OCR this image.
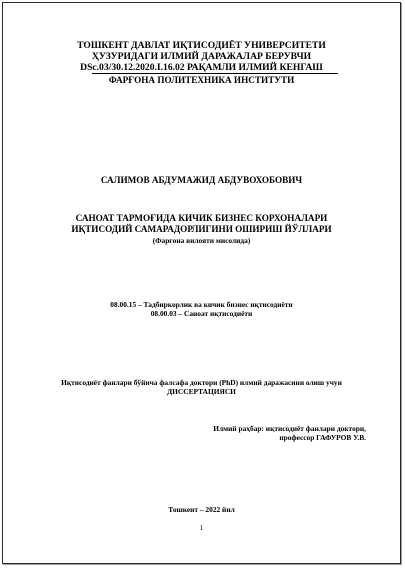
ТОШКЕНТ ДАВЛАТ ИҚТИСОДИЁТ УНИВЕРСИТЕТИ
ҲУЗУРИДАГИ ИЛМИЙ ДАРАЖАЛАР БЕРУВЧИ
DSc.03/30.12.2020.I.16.02 РАҚАМЛИ ИЛМИЙ КЕНГАШ
ФАРҒОНА ПОЛИТЕХНИКА ИНСТИТУТИ
САЛИМОВ АБДУМАЖИД АБДУВОХОБОВИЧ
САНОАТ ТАРМОҒИДА КИЧИК БИЗНЕС КОРХОНАЛАРИ
ИҚТИСОДИЙ САМАРАДОРЛИГИНИ ОШИРИШ ЙЎЛЛАРИ
(Фарғона вилояти мисолида)
08.00.15 – Тадбиркорлик ва кичик бизнес иқтисодиёти
08.00.03 – Саноат иқтисодиёти
Иқтисодиёт фанлари бўйича фалсафа доктори (PhD) илмий даражасини олиш учун
ДИССЕРТАЦИЯСИ
Илмий раҳбар: иқтисодиёт фанлари доктори,
профессор ГАФУРОВ У.В.
Тошкент – 2022 йил
1
